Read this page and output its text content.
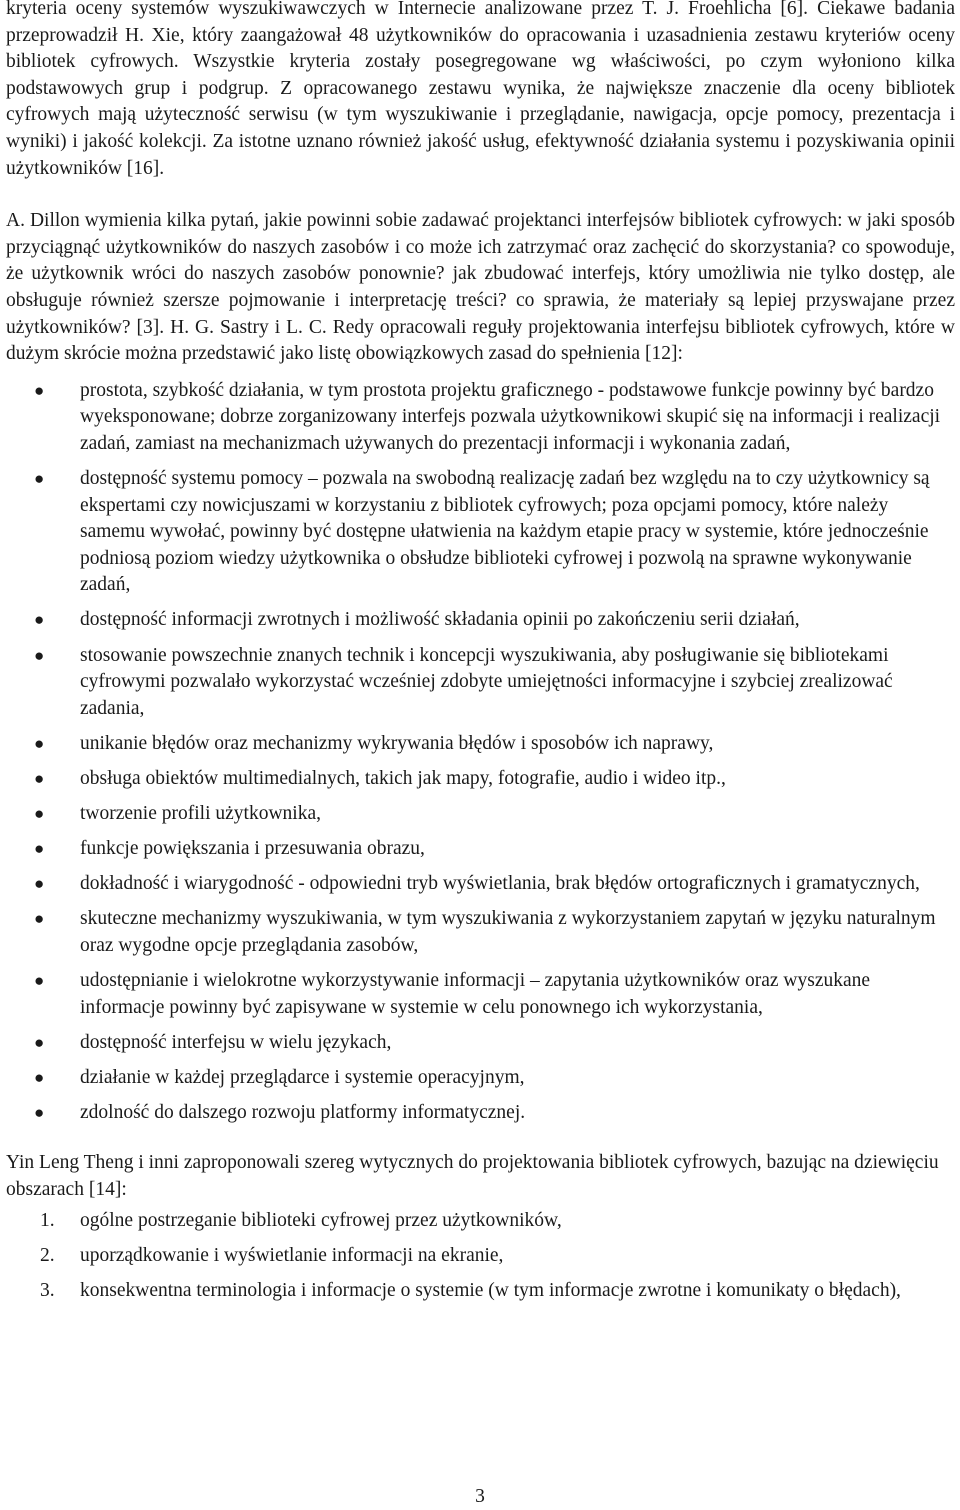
kryteria oceny systemów wyszukiwawczych w Internecie analizowane przez T. J. Froehlicha [6]. Ciekawe badania przeprowadził H. Xie, który zaangażował 48 użytkowników do opracowania i uzasadnienia zestawu kryteriów oceny bibliotek cyfrowych. Wszystkie kryteria zostały posegregowane wg właściwości, po czym wyłoniono kilka podstawowych grup i podgrup. Z opracowanego zestawu wynika, że największe znaczenie dla oceny bibliotek cyfrowych mają użyteczność serwisu (w tym wyszukiwanie i przeglądanie, nawigacja, opcje pomocy, prezentacja i wyniki) i jakość kolekcji. Za istotne uznano również jakość usług, efektywność działania systemu i pozyskiwania opinii użytkowników [16].

A. Dillon wymienia kilka pytań, jakie powinni sobie zadawać projektanci interfejsów bibliotek cyfrowych: w jaki sposób przyciągnąć użytkowników do naszych zasobów i co może ich zatrzymać oraz zachęcić do skorzystania? co spowoduje, że użytkownik wróci do naszych zasobów ponownie? jak zbudować interfejs, który umożliwia nie tylko dostęp, ale obsługuje również szersze pojmowanie i interpretację treści? co sprawia, że materiały są lepiej przyswajane przez użytkowników? [3]. H. G. Sastry i L. C. Redy opracowali reguły projektowania interfejsu bibliotek cyfrowych, które w dużym skrócie można przedstawić jako listę obowiązkowych zasad do spełnienia [12]:

● prostota, szybkość działania, w tym prostota projektu graficznego - podstawowe funkcje powinny być bardzo wyeksponowane; dobrze zorganizowany interfejs pozwala użytkownikowi skupić się na informacji i realizacji zadań, zamiast na mechanizmach używanych do prezentacji informacji i wykonania zadań,
● dostępność systemu pomocy – pozwala na swobodną realizację zadań bez względu na to czy użytkownicy są ekspertami czy nowicjuszami w korzystaniu z bibliotek cyfrowych; poza opcjami pomocy, które należy samemu wywołać, powinny być dostępne ułatwienia na każdym etapie pracy w systemie, które jednocześnie podniosą poziom wiedzy użytkownika o obsłudze biblioteki cyfrowej i pozwolą na sprawne wykonywanie zadań,
● dostępność informacji zwrotnych i możliwość składania opinii po zakończeniu serii działań,
● stosowanie powszechnie znanych technik i koncepcji wyszukiwania, aby posługiwanie się bibliotekami cyfrowymi pozwalało wykorzystać wcześniej zdobyte umiejętności informacyjne i szybciej zrealizować zadania,
● unikanie błędów oraz mechanizmy wykrywania błędów i sposobów ich naprawy,
● obsługa obiektów multimedialnych, takich jak mapy, fotografie, audio i wideo itp.,
● tworzenie profili użytkownika,
● funkcje powiększania i przesuwania obrazu,
● dokładność i wiarygodność - odpowiedni tryb wyświetlania, brak błędów ortograficznych i gramatycznych,
● skuteczne mechanizmy wyszukiwania, w tym wyszukiwania z wykorzystaniem zapytań w języku naturalnym oraz wygodne opcje przeglądania zasobów,
● udostępnianie i wielokrotne wykorzystywanie informacji – zapytania użytkowników oraz wyszukane informacje powinny być zapisywane w systemie w celu ponownego ich wykorzystania,
● dostępność interfejsu w wielu językach,
● działanie w każdej przeglądarce i systemie operacyjnym,
● zdolność do dalszego rozwoju platformy informatycznej.

Yin Leng Theng i inni zaproponowali szereg wytycznych do projektowania bibliotek cyfrowych, bazując na dziewięciu obszarach [14]:

1. ogólne postrzeganie biblioteki cyfrowej przez użytkowników,
2. uporządkowanie i wyświetlanie informacji na ekranie,
3. konsekwentna terminologia i informacje o systemie (w tym informacje zwrotne i komunikaty o błędach),
3
